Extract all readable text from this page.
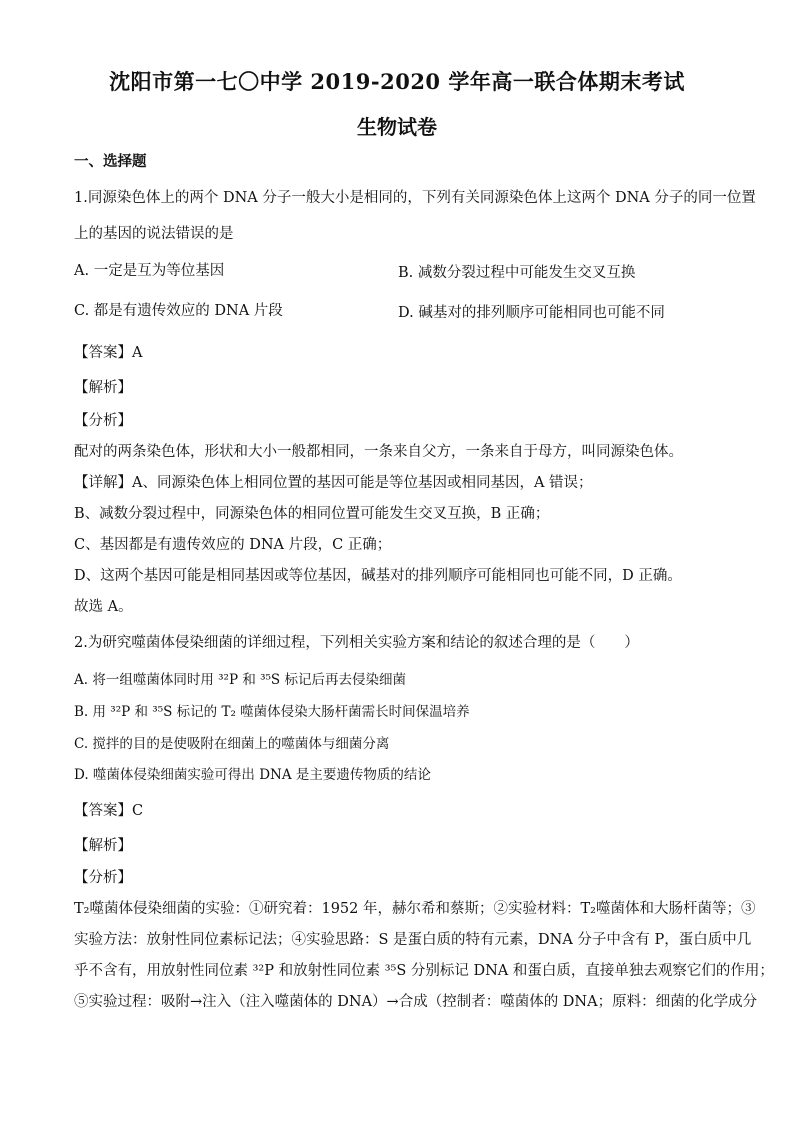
沈阳市第一七〇中学 2019-2020 学年高一联合体期末考试
生物试卷
一、选择题
1.同源染色体上的两个 DNA 分子一般大小是相同的，下列有关同源染色体上这两个 DNA 分子的同一位置
上的基因的说法错误的是
A. 一定是互为等位基因	B. 减数分裂过程中可能发生交叉互换
C. 都是有遗传效应的 DNA 片段	D. 碱基对的排列顺序可能相同也可能不同
【答案】A
【解析】
【分析】
配对的两条染色体，形状和大小一般都相同，一条来自父方，一条来自于母方，叫同源染色体。
【详解】A、同源染色体上相同位置的基因可能是等位基因或相同基因，A 错误；
B、减数分裂过程中，同源染色体的相同位置可能发生交叉互换，B 正确；
C、基因都是有遗传效应的 DNA 片段，C 正确；
D、这两个基因可能是相同基因或等位基因，碱基对的排列顺序可能相同也可能不同，D 正确。
故选 A。
2.为研究噬菌体侵染细菌的详细过程，下列相关实验方案和结论的叙述合理的是（　　）
A. 将一组噬菌体同时用 ³²P 和 ³⁵S 标记后再去侵染细菌
B. 用 ³²P 和 ³⁵S 标记的 T₂ 噬菌体侵染大肠杆菌需长时间保温培养
C. 搅拌的目的是使吸附在细菌上的噬菌体与细菌分离
D. 噬菌体侵染细菌实验可得出 DNA 是主要遗传物质的结论
【答案】C
【解析】
【分析】
T₂噬菌体侵染细菌的实验：①研究着：1952 年，赫尔希和蔡斯；②实验材料：T₂噬菌体和大肠杆菌等；③
实验方法：放射性同位素标记法；④实验思路：S 是蛋白质的特有元素，DNA 分子中含有 P，蛋白质中几
乎不含有，用放射性同位素 ³²P 和放射性同位素 ³⁵S 分别标记 DNA 和蛋白质，直接单独去观察它们的作用；
⑤实验过程：吸附→注入（注入噬菌体的 DNA）→合成（控制者：噬菌体的 DNA；原料：细菌的化学成分
